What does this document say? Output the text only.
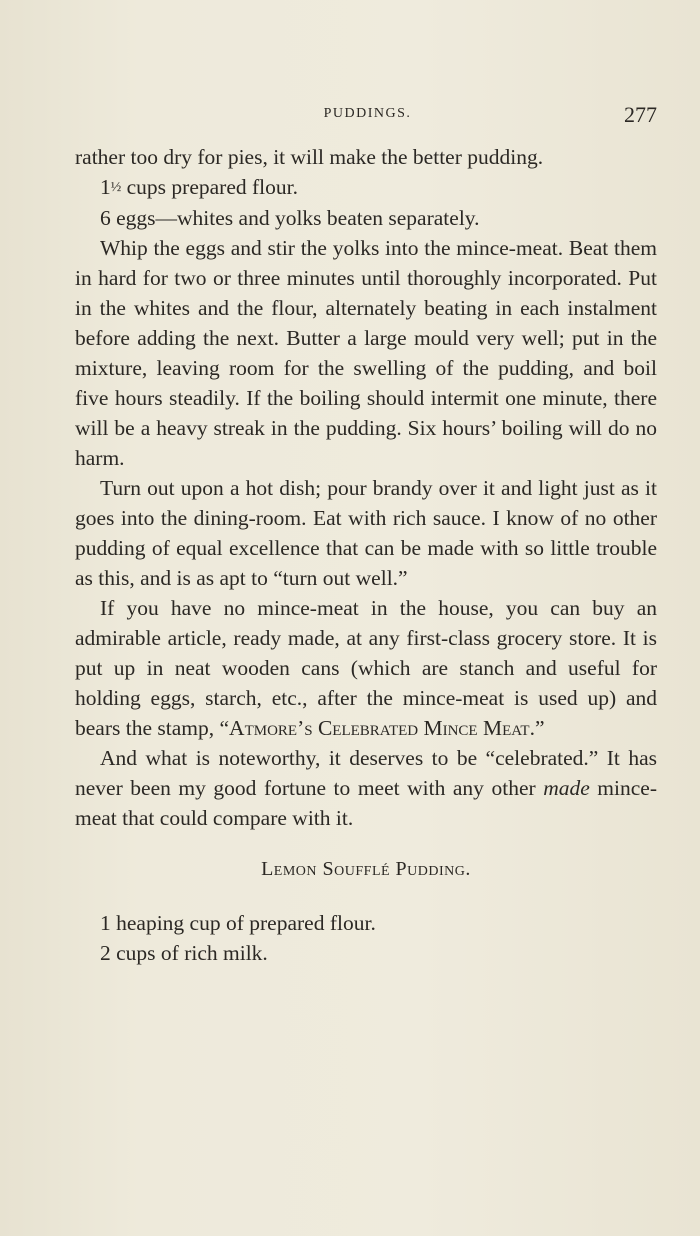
PUDDINGS.	277

rather too dry for pies, it will make the better pudding.

1½ cups prepared flour.

6 eggs—whites and yolks beaten separately.

Whip the eggs and stir the yolks into the mince-meat. Beat them in hard for two or three minutes until thoroughly incorporated. Put in the whites and the flour, alternately beating in each instalment before adding the next. Butter a large mould very well; put in the mixture, leaving room for the swelling of the pudding, and boil five hours steadily. If the boiling should intermit one minute, there will be a heavy streak in the pudding. Six hours’ boiling will do no harm.

Turn out upon a hot dish; pour brandy over it and light just as it goes into the dining-room. Eat with rich sauce. I know of no other pudding of equal excellence that can be made with so little trouble as this, and is as apt to “turn out well.”

If you have no mince-meat in the house, you can buy an admirable article, ready made, at any first-class grocery store. It is put up in neat wooden cans (which are stanch and useful for holding eggs, starch, etc., after the mince-meat is used up) and bears the stamp, “Atmore’s Celebrated Mince Meat.”

And what is noteworthy, it deserves to be “celebrated.” It has never been my good fortune to meet with any other made mince-meat that could compare with it.

Lemon Soufflé Pudding.

1 heaping cup of prepared flour.

2 cups of rich milk.
